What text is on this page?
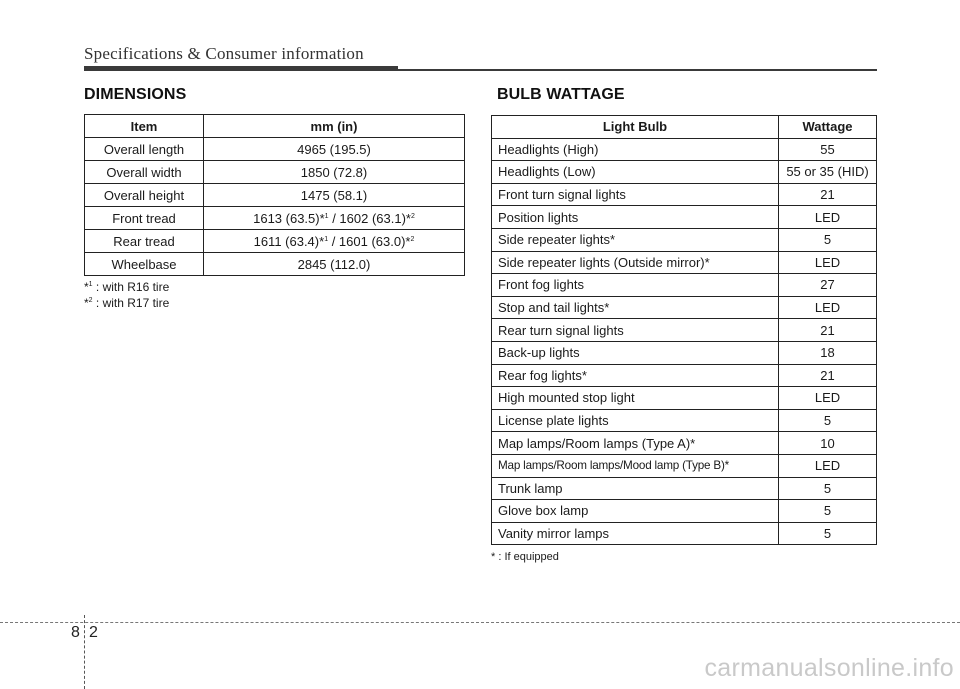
Specifications & Consumer information
DIMENSIONS
Item	mm (in)
Overall length	4965 (195.5)
Overall width	1850 (72.8)
Overall height	1475 (58.1)
Front tread	1613 (63.5)*$^1$ / 1602 (63.1)*$^2$
Rear tread	1611 (63.4)*$^1$ / 1601 (63.0)*$^2$
Wheelbase	2845 (112.0)
*$^1$ : with R16 tire
*$^2$ : with R17 tire
BULB WATTAGE
Light Bulb	Wattage
Headlights (High)	55
Headlights (Low)	55 or 35 (HID)
Front turn signal lights	21
Position lights	LED
Side repeater lights*	5
Side repeater lights (Outside mirror)*	LED
Front fog lights	27
Stop and tail lights*	LED
Rear turn signal lights	21
Back-up lights	18
Rear fog lights*	21
High mounted stop light	LED
License plate lights	5
Map lamps/Room lamps (Type A)*	10
Map lamps/Room lamps/Mood lamp (Type B)*	LED
Trunk lamp	5
Glove box lamp	5
Vanity mirror lamps	5
* : If equipped
8 2
carmanualsonline.info
